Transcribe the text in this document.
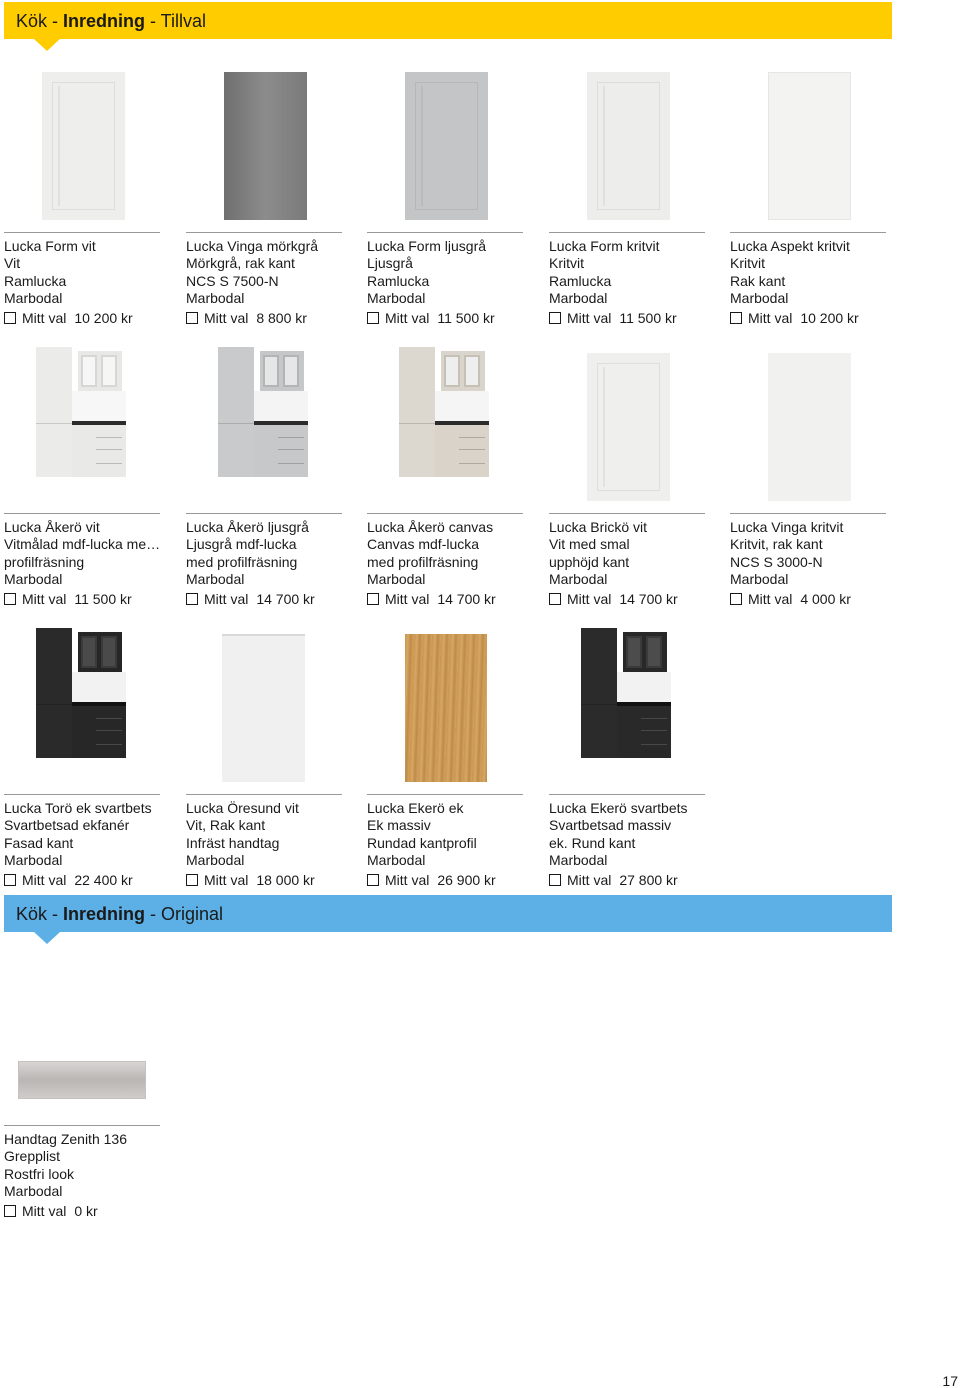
Kök - Inredning - Tillval
Lucka Form vit
Vit
Ramlucka
Marbodal
Mitt val 10 200 kr
Lucka Vinga mörkgrå
Mörkgrå, rak kant
NCS S 7500-N
Marbodal
Mitt val 8 800 kr
Lucka Form ljusgrå
Ljusgrå
Ramlucka
Marbodal
Mitt val 11 500 kr
Lucka Form kritvit
Kritvit
Ramlucka
Marbodal
Mitt val 11 500 kr
Lucka Aspekt kritvit
Kritvit
Rak kant
Marbodal
Mitt val 10 200 kr
Lucka Åkerö vit
Vitmålad mdf-lucka me…
profilfräsning
Marbodal
Mitt val 11 500 kr
Lucka Åkerö ljusgrå
Ljusgrå mdf-lucka
med profilfräsning
Marbodal
Mitt val 14 700 kr
Lucka Åkerö canvas
Canvas mdf-lucka
med profilfräsning
Marbodal
Mitt val 14 700 kr
Lucka Brickö vit
Vit med smal
upphöjd kant
Marbodal
Mitt val 14 700 kr
Lucka Vinga kritvit
Kritvit, rak kant
NCS S 3000-N
Marbodal
Mitt val 4 000 kr
Lucka Torö ek svartbets
Svartbetsad ekfanér
Fasad kant
Marbodal
Mitt val 22 400 kr
Lucka Öresund vit
Vit, Rak kant
Infräst handtag
Marbodal
Mitt val 18 000 kr
Lucka Ekerö ek
Ek massiv
Rundad kantprofil
Marbodal
Mitt val 26 900 kr
Lucka Ekerö svartbets
Svartbetsad massiv
ek. Rund kant
Marbodal
Mitt val 27 800 kr
Kök - Inredning - Original
Handtag Zenith 136
Grepplist
Rostfri look
Marbodal
Mitt val 0 kr
17
